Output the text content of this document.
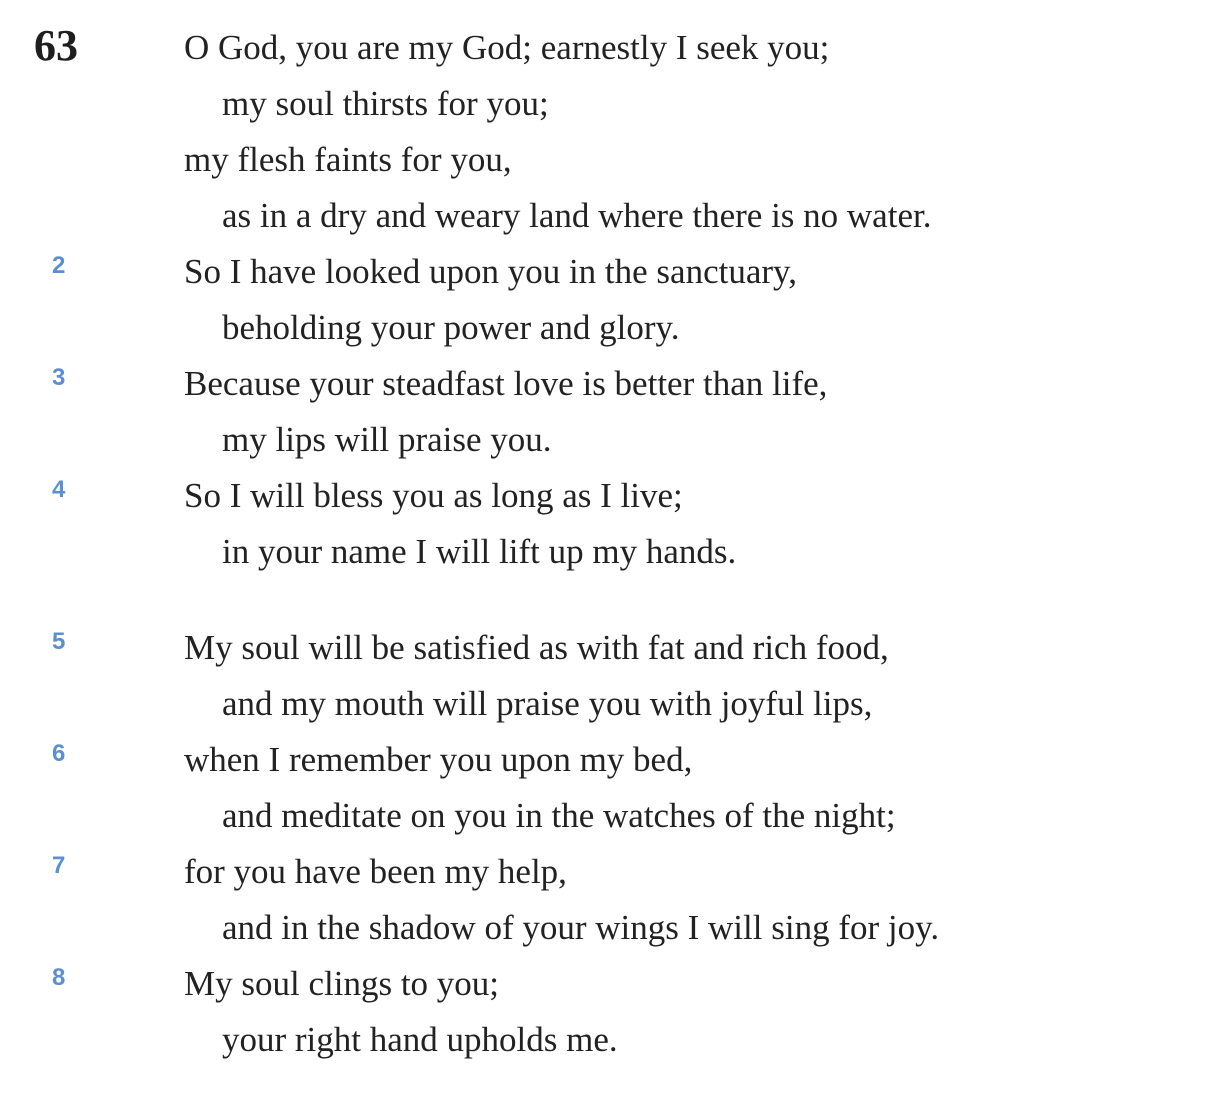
63	O God, you are my God; earnestly I seek you;
my soul thirsts for you;
my flesh faints for you,
as in a dry and weary land where there is no water.
2	So I have looked upon you in the sanctuary,
beholding your power and glory.
3	Because your steadfast love is better than life,
my lips will praise you.
4	So I will bless you as long as I live;
in your name I will lift up my hands.
5	My soul will be satisfied as with fat and rich food,
and my mouth will praise you with joyful lips,
6	when I remember you upon my bed,
and meditate on you in the watches of the night;
7	for you have been my help,
and in the shadow of your wings I will sing for joy.
8	My soul clings to you;
your right hand upholds me.
